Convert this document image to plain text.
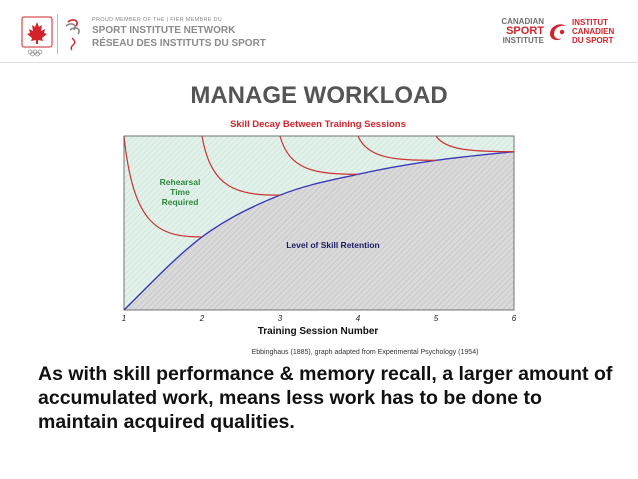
PROUD MEMBER OF THE | FIER MEMBRE DU
SPORT INSTITUTE NETWORK
RÉSEAU DES INSTITUTS DU SPORT
CANADIAN
SPORT
INSTITUTE
INSTITUT
CANADIEN
DU SPORT
MANAGE WORKLOAD
Skill Decay Between Training Sessions
1	2	3	4	5	6
Training Session Number
Ebbinghaus (1885), graph adapted from Experimental Psychology (1954)
Rehearsal
Time
Required
Level of Skill Retention
As with skill performance & memory recall, a larger amount of accumulated work, means less work has to be done to maintain acquired qualities.
